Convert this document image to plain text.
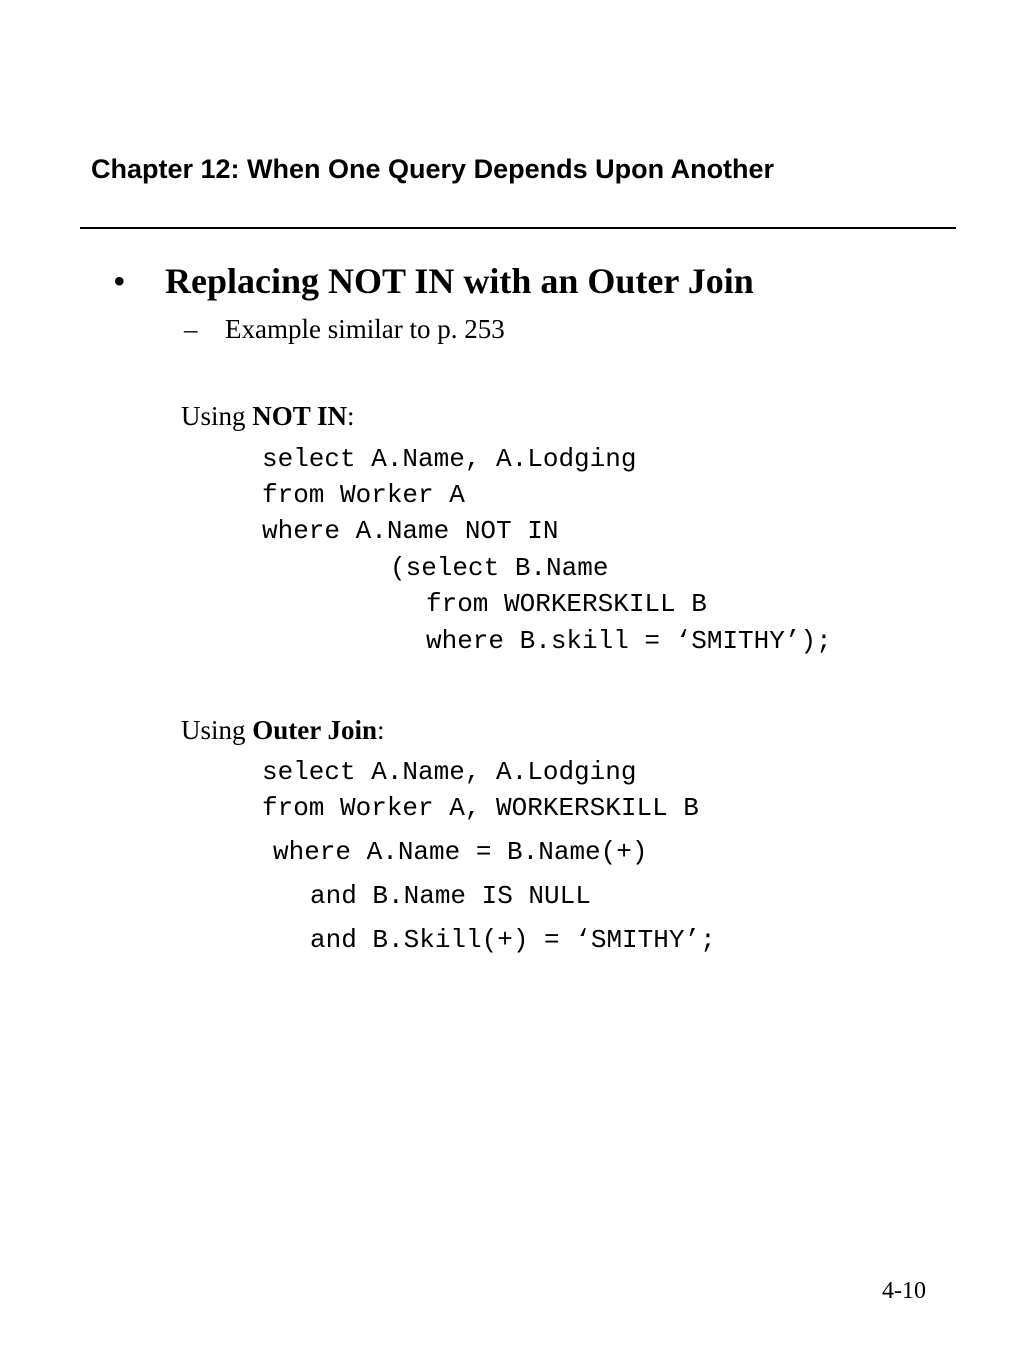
Chapter 12: When One Query Depends Upon Another
• Replacing NOT IN with an Outer Join
– Example similar to p. 253
Using NOT IN:
select A.Name, A.Lodging
from Worker A
where A.Name NOT IN
(select B.Name
from WORKERSKILL B
where B.skill = ‘SMITHY’);
Using Outer Join:
select A.Name, A.Lodging
from Worker A, WORKERSKILL B
where A.Name = B.Name(+)
and B.Name IS NULL
and B.Skill(+) = ‘SMITHY’;
4-10
